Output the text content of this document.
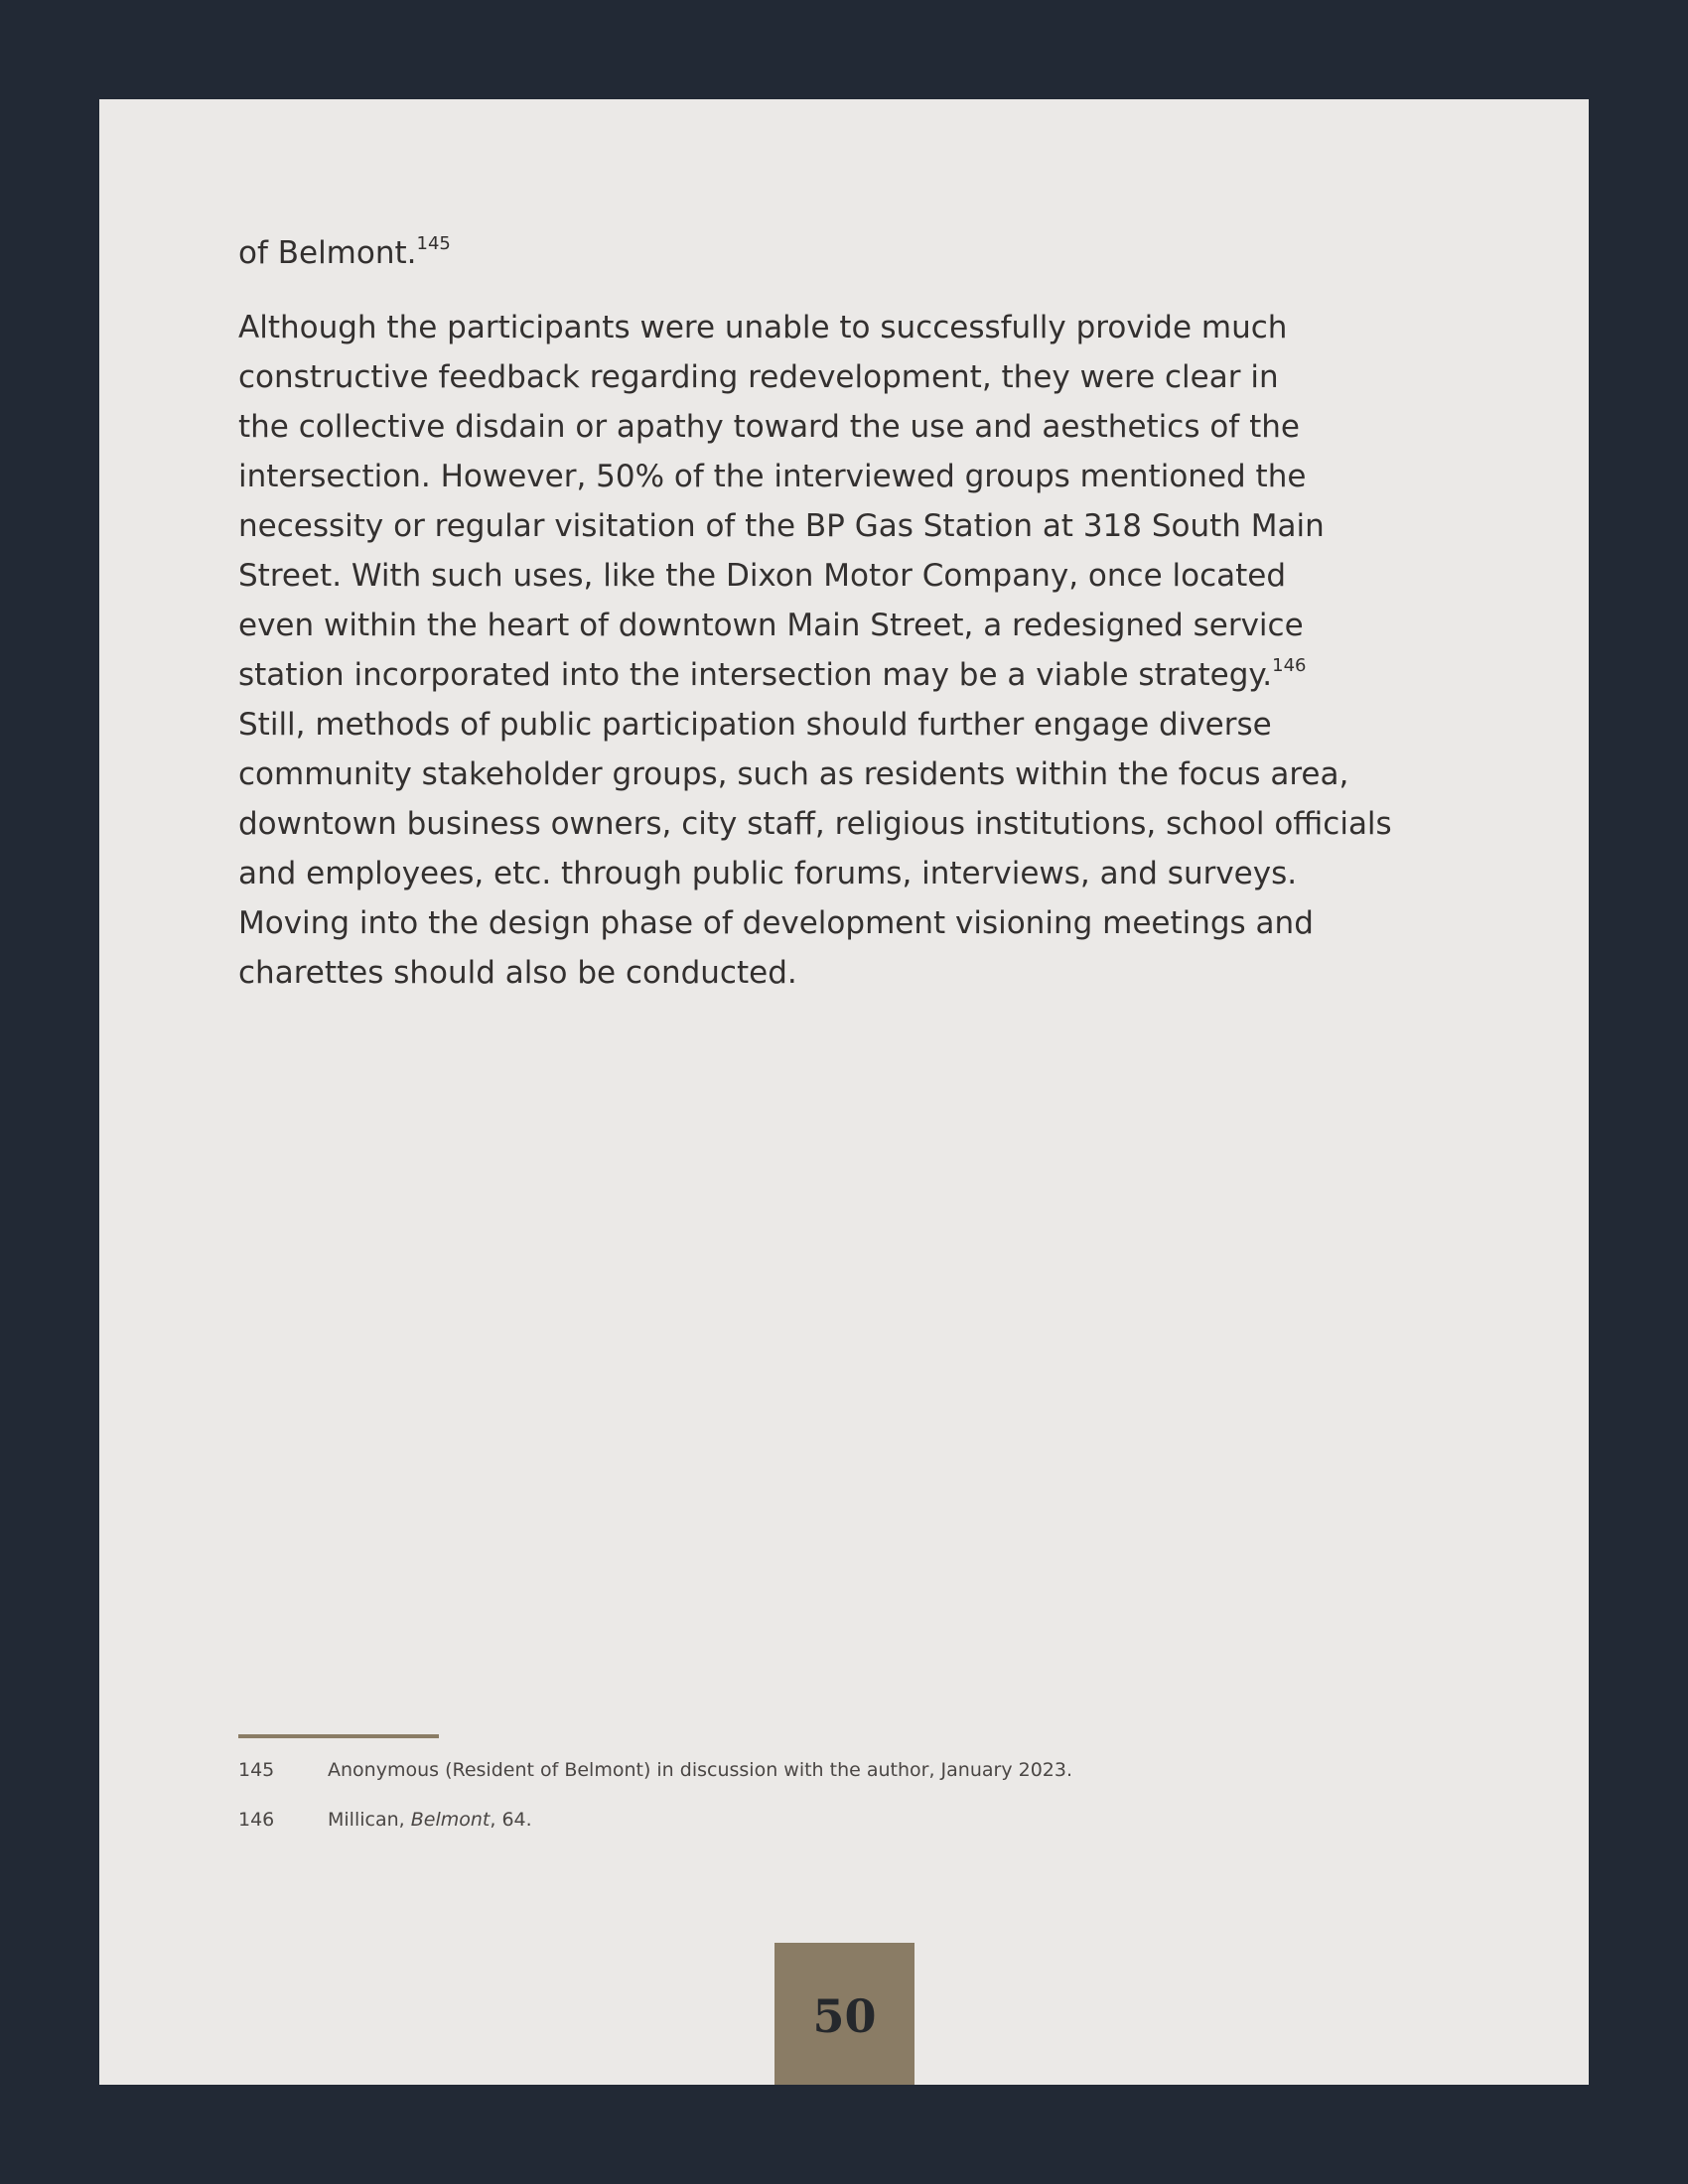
of Belmont.$^{145}$

Although the participants were unable to successfully provide much
constructive feedback regarding redevelopment, they were clear in
the collective disdain or apathy toward the use and aesthetics of the
intersection. However, 50% of the interviewed groups mentioned the
necessity or regular visitation of the BP Gas Station at 318 South Main
Street. With such uses, like the Dixon Motor Company, once located
even within the heart of downtown Main Street, a redesigned service
station incorporated into the intersection may be a viable strategy.$^{146}$
Still, methods of public participation should further engage diverse
community stakeholder groups, such as residents within the focus area,
downtown business owners, city staff, religious institutions, school officials
and employees, etc. through public forums, interviews, and surveys.
Moving into the design phase of development visioning meetings and
charettes should also be conducted.

145	Anonymous (Resident of Belmont) in discussion with the author, January 2023.
146	Millican, Belmont, 64.
50
